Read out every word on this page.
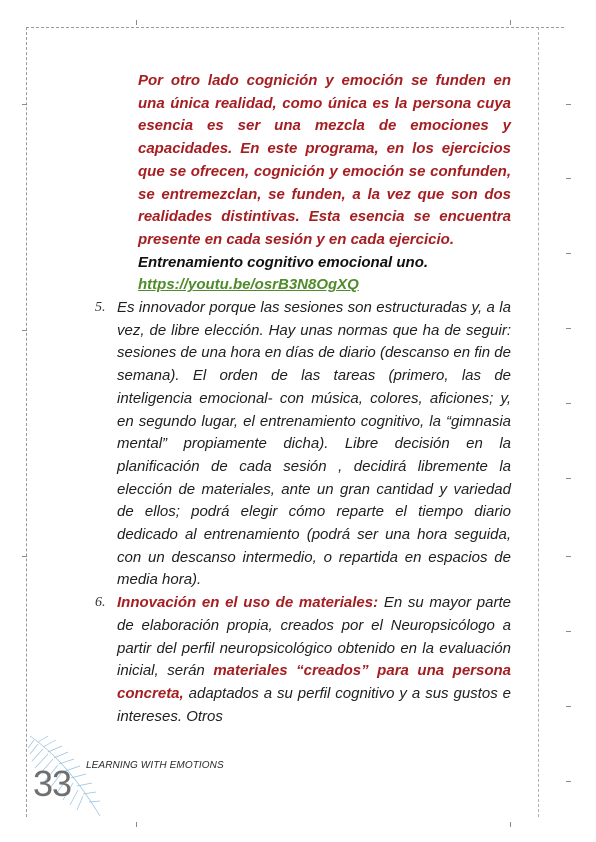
Por otro lado cognición y emoción se funden en una única realidad, como única es la persona cuya esencia es ser una mezcla de emociones y capacidades. En este programa, en los ejercicios que se ofrecen, cognición y emoción se confunden, se entremezclan, se funden, a la vez que son dos realidades distintivas. Esta esencia se encuentra presente en cada sesión y en cada ejercicio.

Entrenamiento cognitivo emocional uno.

https://youtu.be/osrB3N8OgXQ

5. Es innovador porque las sesiones son estructuradas y, a la vez, de libre elección. Hay unas normas que ha de seguir: sesiones de una hora en días de diario (descanso en fin de semana). El orden de las tareas (primero, las de inteligencia emocional- con música, colores, aficiones; y, en segundo lugar, el entrenamiento cognitivo, la “gimnasia mental” propiamente dicha). Libre decisión en la planificación de cada sesión , decidirá libremente la elección de materiales, ante un gran cantidad y variedad de ellos; podrá elegir cómo reparte el tiempo diario dedicado al entrenamiento (podrá ser una hora seguida, con un descanso intermedio, o repartida en espacios de media hora).
6. Innovación en el uso de materiales: En su mayor parte de elaboración propia, creados por el Neuropsicólogo a partir del perfil neuropsicológico obtenido en la evaluación inicial, serán materiales “creados” para una persona concreta, adaptados a su perfil cognitivo y a sus gustos e intereses. Otros
33 LEARNING WITH EMOTIONS
